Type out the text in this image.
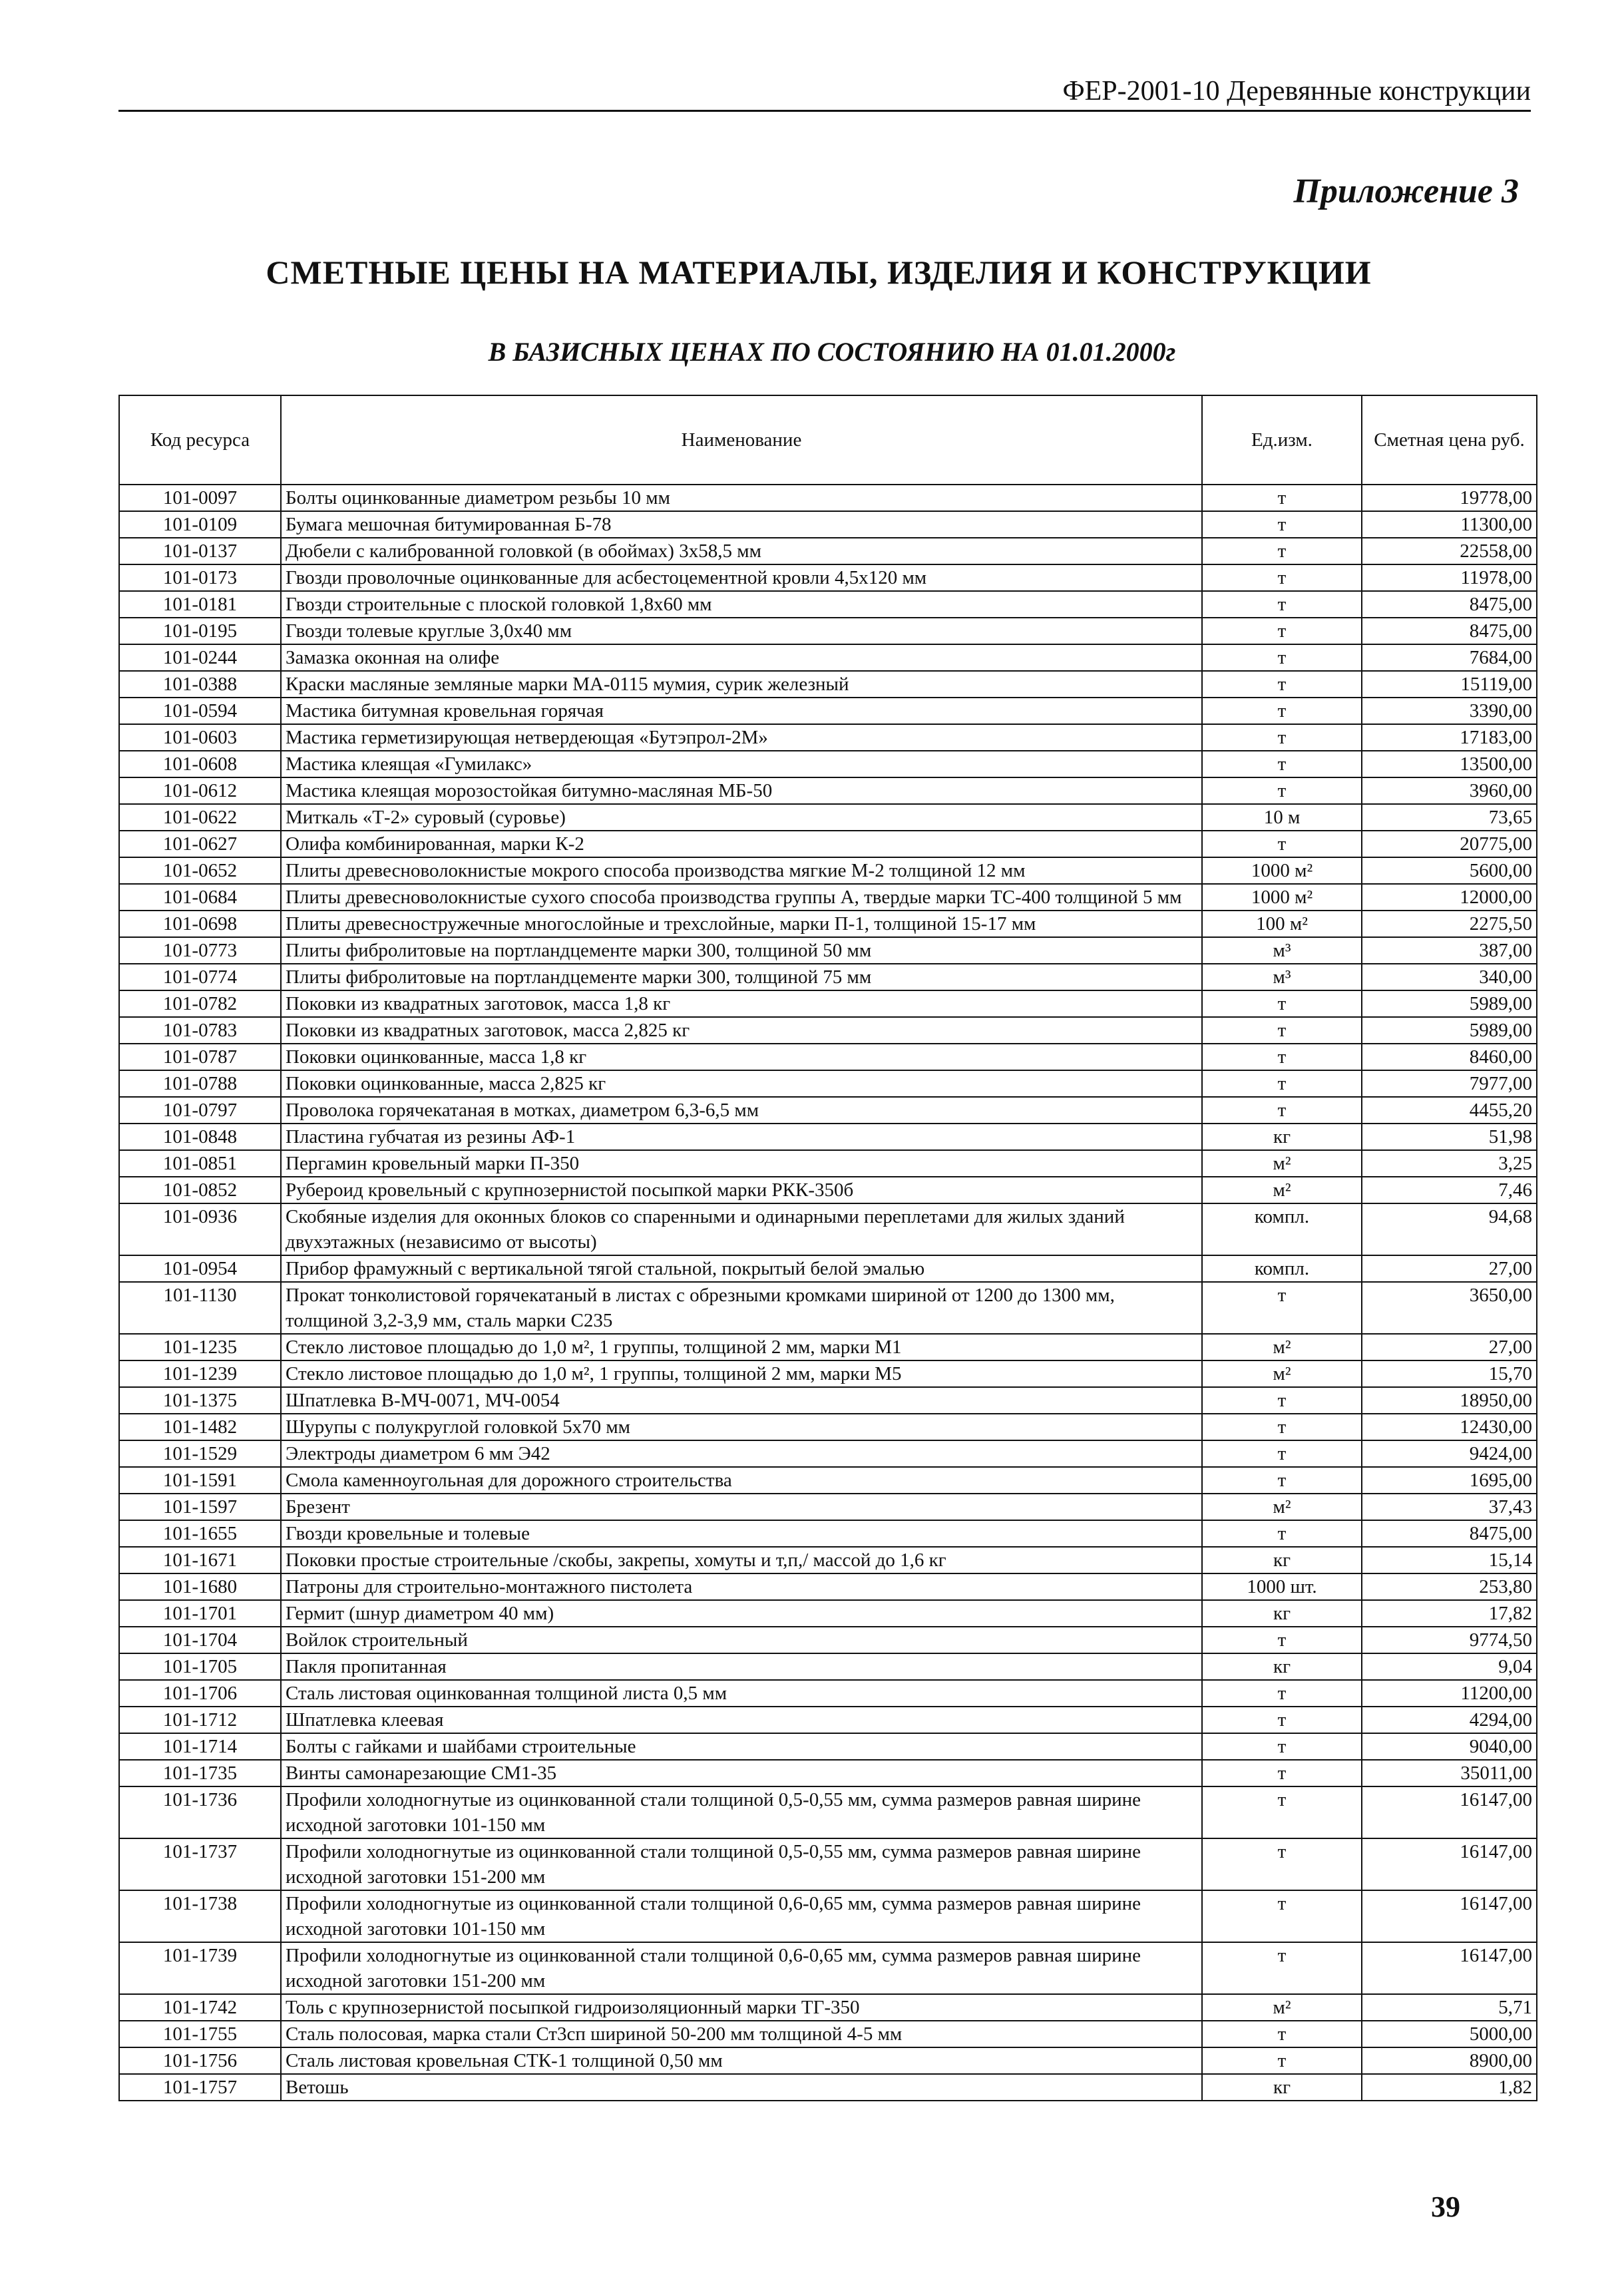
ФЕР-2001-10 Деревянные конструкции
Приложение 3
СМЕТНЫЕ ЦЕНЫ НА МАТЕРИАЛЫ, ИЗДЕЛИЯ И КОНСТРУКЦИИ
В БАЗИСНЫХ ЦЕНАХ ПО СОСТОЯНИЮ НА 01.01.2000г
Код ресурса	Наименование	Ед.изм.	Сметная цена руб.
101-0097	Болты оцинкованные диаметром резьбы 10 мм	т	19778,00
101-0109	Бумага мешочная битумированная Б-78	т	11300,00
101-0137	Дюбели с калиброванной головкой (в обоймах) 3х58,5 мм	т	22558,00
101-0173	Гвозди проволочные оцинкованные для асбестоцементной кровли 4,5х120 мм	т	11978,00
101-0181	Гвозди строительные с плоской головкой 1,8х60 мм	т	8475,00
101-0195	Гвозди толевые круглые 3,0х40 мм	т	8475,00
101-0244	Замазка оконная на олифе	т	7684,00
101-0388	Краски масляные земляные марки МА-0115 мумия, сурик железный	т	15119,00
101-0594	Мастика битумная кровельная горячая	т	3390,00
101-0603	Мастика герметизирующая нетвердеющая «Бутэпрол-2М»	т	17183,00
101-0608	Мастика клеящая «Гумилакс»	т	13500,00
101-0612	Мастика клеящая морозостойкая битумно-масляная МБ-50	т	3960,00
101-0622	Миткаль «Т-2» суровый (суровье)	10 м	73,65
101-0627	Олифа комбинированная, марки К-2	т	20775,00
101-0652	Плиты древесноволокнистые мокрого способа производства мягкие М-2 толщиной 12 мм	1000 м²	5600,00
101-0684	Плиты древесноволокнистые сухого способа производства группы А, твердые марки ТС-400 толщиной 5 мм	1000 м²	12000,00
101-0698	Плиты древесностружечные многослойные и трехслойные, марки П-1, толщиной 15-17 мм	100 м²	2275,50
101-0773	Плиты фибролитовые на портландцементе марки 300, толщиной 50 мм	м³	387,00
101-0774	Плиты фибролитовые на портландцементе марки 300, толщиной 75 мм	м³	340,00
101-0782	Поковки из квадратных заготовок, масса 1,8 кг	т	5989,00
101-0783	Поковки из квадратных заготовок, масса 2,825 кг	т	5989,00
101-0787	Поковки оцинкованные, масса 1,8 кг	т	8460,00
101-0788	Поковки оцинкованные, масса 2,825 кг	т	7977,00
101-0797	Проволока горячекатаная в мотках, диаметром 6,3-6,5 мм	т	4455,20
101-0848	Пластина губчатая из резины АФ-1	кг	51,98
101-0851	Пергамин кровельный марки П-350	м²	3,25
101-0852	Рубероид кровельный с крупнозернистой посыпкой марки РКК-350б	м²	7,46
101-0936	Скобяные изделия для оконных блоков со спаренными и одинарными переплетами для жилых зданий двухэтажных (независимо от высоты)	компл.	94,68
101-0954	Прибор фрамужный с вертикальной тягой стальной, покрытый белой эмалью	компл.	27,00
101-1130	Прокат тонколистовой горячекатаный в листах с обрезными кромками шириной от 1200 до 1300 мм, толщиной 3,2-3,9 мм, сталь марки С235	т	3650,00
101-1235	Стекло листовое площадью до 1,0 м², 1 группы, толщиной 2 мм, марки М1	м²	27,00
101-1239	Стекло листовое площадью до 1,0 м², 1 группы, толщиной 2 мм, марки М5	м²	15,70
101-1375	Шпатлевка В-МЧ-0071, МЧ-0054	т	18950,00
101-1482	Шурупы с полукруглой головкой 5х70 мм	т	12430,00
101-1529	Электроды диаметром 6 мм Э42	т	9424,00
101-1591	Смола каменноугольная для дорожного строительства	т	1695,00
101-1597	Брезент	м²	37,43
101-1655	Гвозди кровельные и толевые	т	8475,00
101-1671	Поковки простые строительные /скобы, закрепы, хомуты и т,п,/ массой до 1,6 кг	кг	15,14
101-1680	Патроны для строительно-монтажного пистолета	1000 шт.	253,80
101-1701	Гермит (шнур диаметром 40 мм)	кг	17,82
101-1704	Войлок строительный	т	9774,50
101-1705	Пакля пропитанная	кг	9,04
101-1706	Сталь листовая оцинкованная толщиной листа 0,5 мм	т	11200,00
101-1712	Шпатлевка клеевая	т	4294,00
101-1714	Болты с гайками и шайбами строительные	т	9040,00
101-1735	Винты самонарезающие СМ1-35	т	35011,00
101-1736	Профили холодногнутые из оцинкованной стали толщиной 0,5-0,55 мм, сумма размеров равная ширине исходной заготовки 101-150 мм	т	16147,00
101-1737	Профили холодногнутые из оцинкованной стали толщиной 0,5-0,55 мм, сумма размеров равная ширине исходной заготовки 151-200 мм	т	16147,00
101-1738	Профили холодногнутые из оцинкованной стали толщиной 0,6-0,65 мм, сумма размеров равная ширине исходной заготовки 101-150 мм	т	16147,00
101-1739	Профили холодногнутые из оцинкованной стали толщиной 0,6-0,65 мм, сумма размеров равная ширине исходной заготовки 151-200 мм	т	16147,00
101-1742	Толь с крупнозернистой посыпкой гидроизоляционный марки ТГ-350	м²	5,71
101-1755	Сталь полосовая, марка стали Ст3сп шириной 50-200 мм толщиной 4-5 мм	т	5000,00
101-1756	Сталь листовая кровельная СТК-1 толщиной 0,50 мм	т	8900,00
101-1757	Ветошь	кг	1,82
39
